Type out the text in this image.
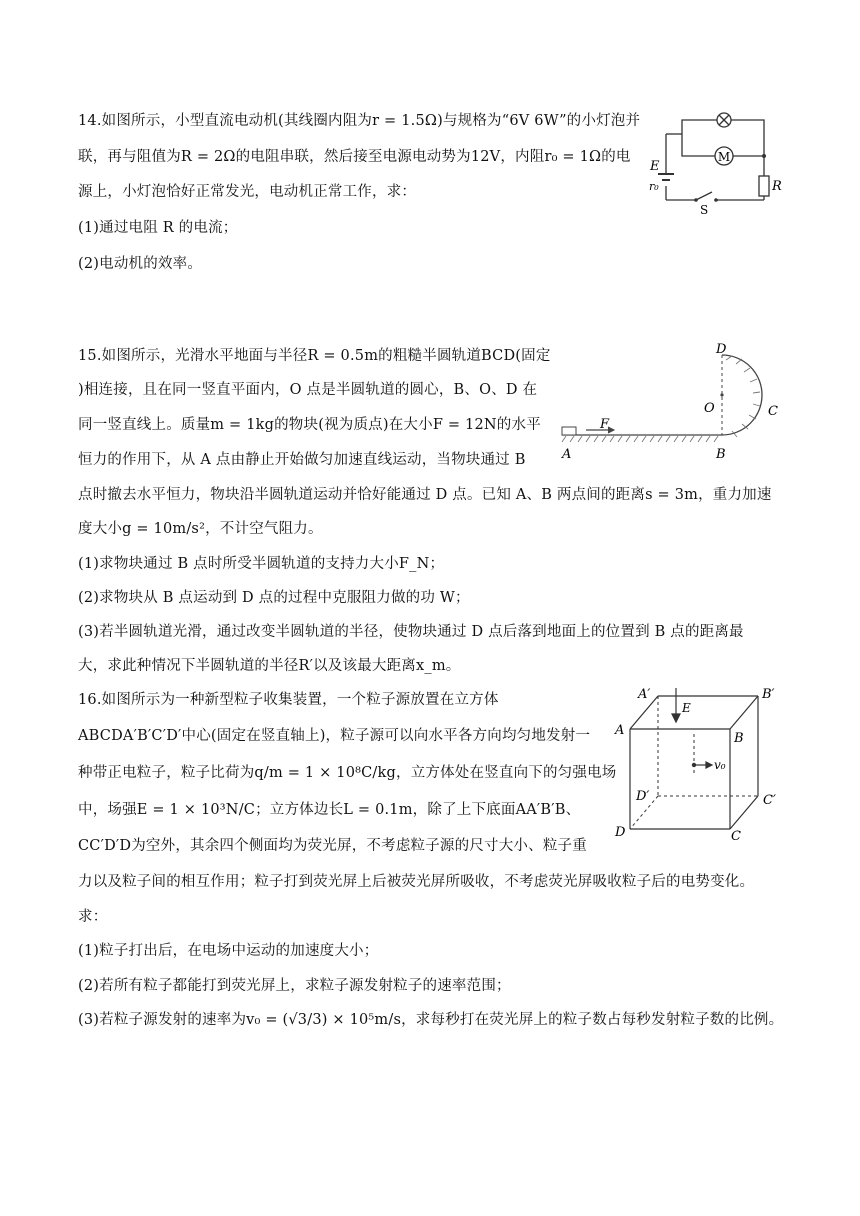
14.如图所示，小型直流电动机(其线圈内阻为r = 1.5Ω)与规格为“6V 6W”的小灯泡并
联，再与阻值为R = 2Ω的电阻串联，然后接至电源电动势为12V，内阻r₀ = 1Ω的电
源上，小灯泡恰好正常发光，电动机正常工作，求：
(1)通过电阻 R 的电流；
(2)电动机的效率。
M
E
r₀	R
S
15.如图所示，光滑水平地面与半径R = 0.5m的粗糙半圆轨道BCD(固定
)相连接，且在同一竖直平面内，O 点是半圆轨道的圆心，B、O、D 在
同一竖直线上。质量m = 1kg的物块(视为质点)在大小F = 12N的水平
恒力的作用下，从 A 点由静止开始做匀加速直线运动，当物块通过 B
点时撤去水平恒力，物块沿半圆轨道运动并恰好能通过 D 点。已知 A、B 两点间的距离s = 3m，重力加速
度大小g = 10m/s²，不计空气阻力。
(1)求物块通过 B 点时所受半圆轨道的支持力大小F_N；
(2)求物块从 B 点运动到 D 点的过程中克服阻力做的功 W；
(3)若半圆轨道光滑，通过改变半圆轨道的半径，使物块通过 D 点后落到地面上的位置到 B 点的距离最
大，求此种情况下半圆轨道的半径R′以及该最大距离x_m。
D
O	C
F
A	B
16.如图所示为一种新型粒子收集装置，一个粒子源放置在立方体
ABCDA′B′C′D′中心(固定在竖直轴上)，粒子源可以向水平各方向均匀地发射一
种带正电粒子，粒子比荷为q/m = 1 × 10⁸C/kg，立方体处在竖直向下的匀强电场
中，场强E = 1 × 10³N/C；立方体边长L = 0.1m，除了上下底面AA′B′B、
CC′D′D为空外，其余四个侧面均为荧光屏，不考虑粒子源的尺寸大小、粒子重
力以及粒子间的相互作用；粒子打到荧光屏上后被荧光屏所吸收，不考虑荧光屏吸收粒子后的电势变化。
求：
(1)粒子打出后，在电场中运动的加速度大小；
(2)若所有粒子都能打到荧光屏上，求粒子源发射粒子的速率范围；
(3)若粒子源发射的速率为v₀ = (√3/3) × 10⁵m/s，求每秒打在荧光屏上的粒子数占每秒发射粒子数的比例。
A′	B′
A
B
E
v₀
D′	C′
D	C
